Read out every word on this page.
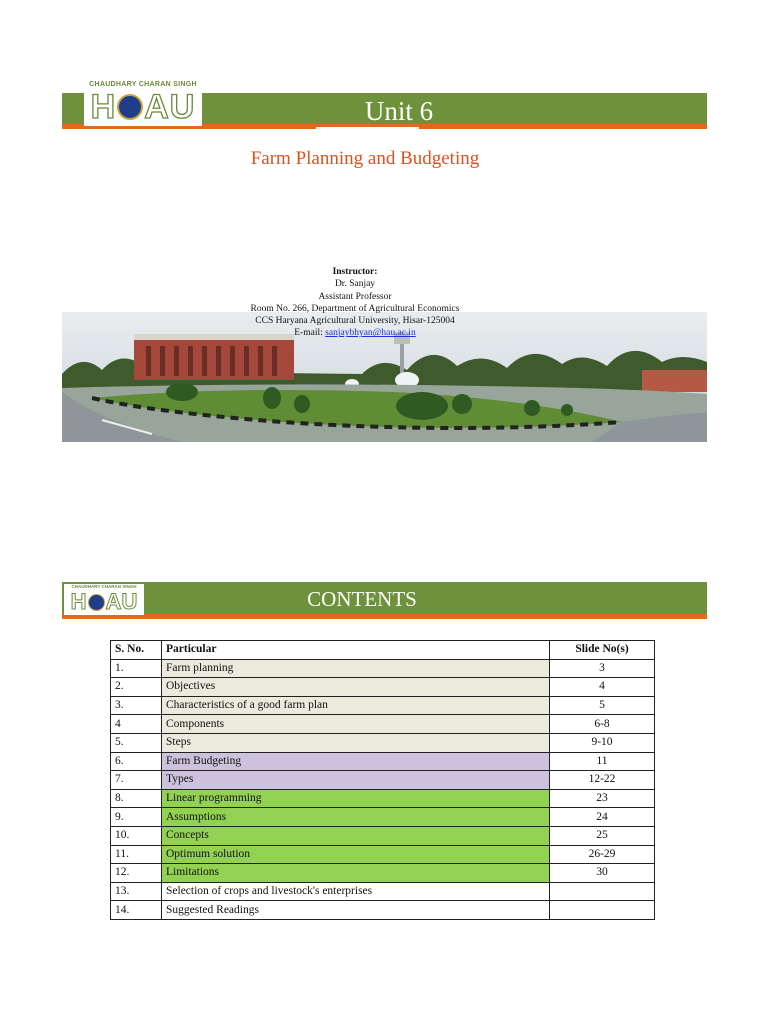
Unit 6
CHAUDHARY CHARAN SINGH
H A U
Farm Planning and Budgeting
Instructor:
Dr. Sanjay
Assistant Professor
Room No. 266, Department of Agricultural Economics
CCS Haryana Agricultural University, Hisar-125004
E-mail: sanjaybhyan@hau.ac.in
CONTENTS
CHAUDHARY CHARAN SINGH
H A U
S. No.	Particular	Slide No(s)
1.	Farm planning	3
2.	Objectives	4
3.	Characteristics of a good farm plan	5
4	Components	6-8
5.	Steps	9-10
6.	Farm Budgeting	11
7.	Types	12-22
8.	Linear programming	23
9.	Assumptions	24
10.	Concepts	25
11.	Optimum solution	26-29
12.	Limitations	30
13.	Selection of crops and livestock's enterprises	
14.	Suggested Readings	
